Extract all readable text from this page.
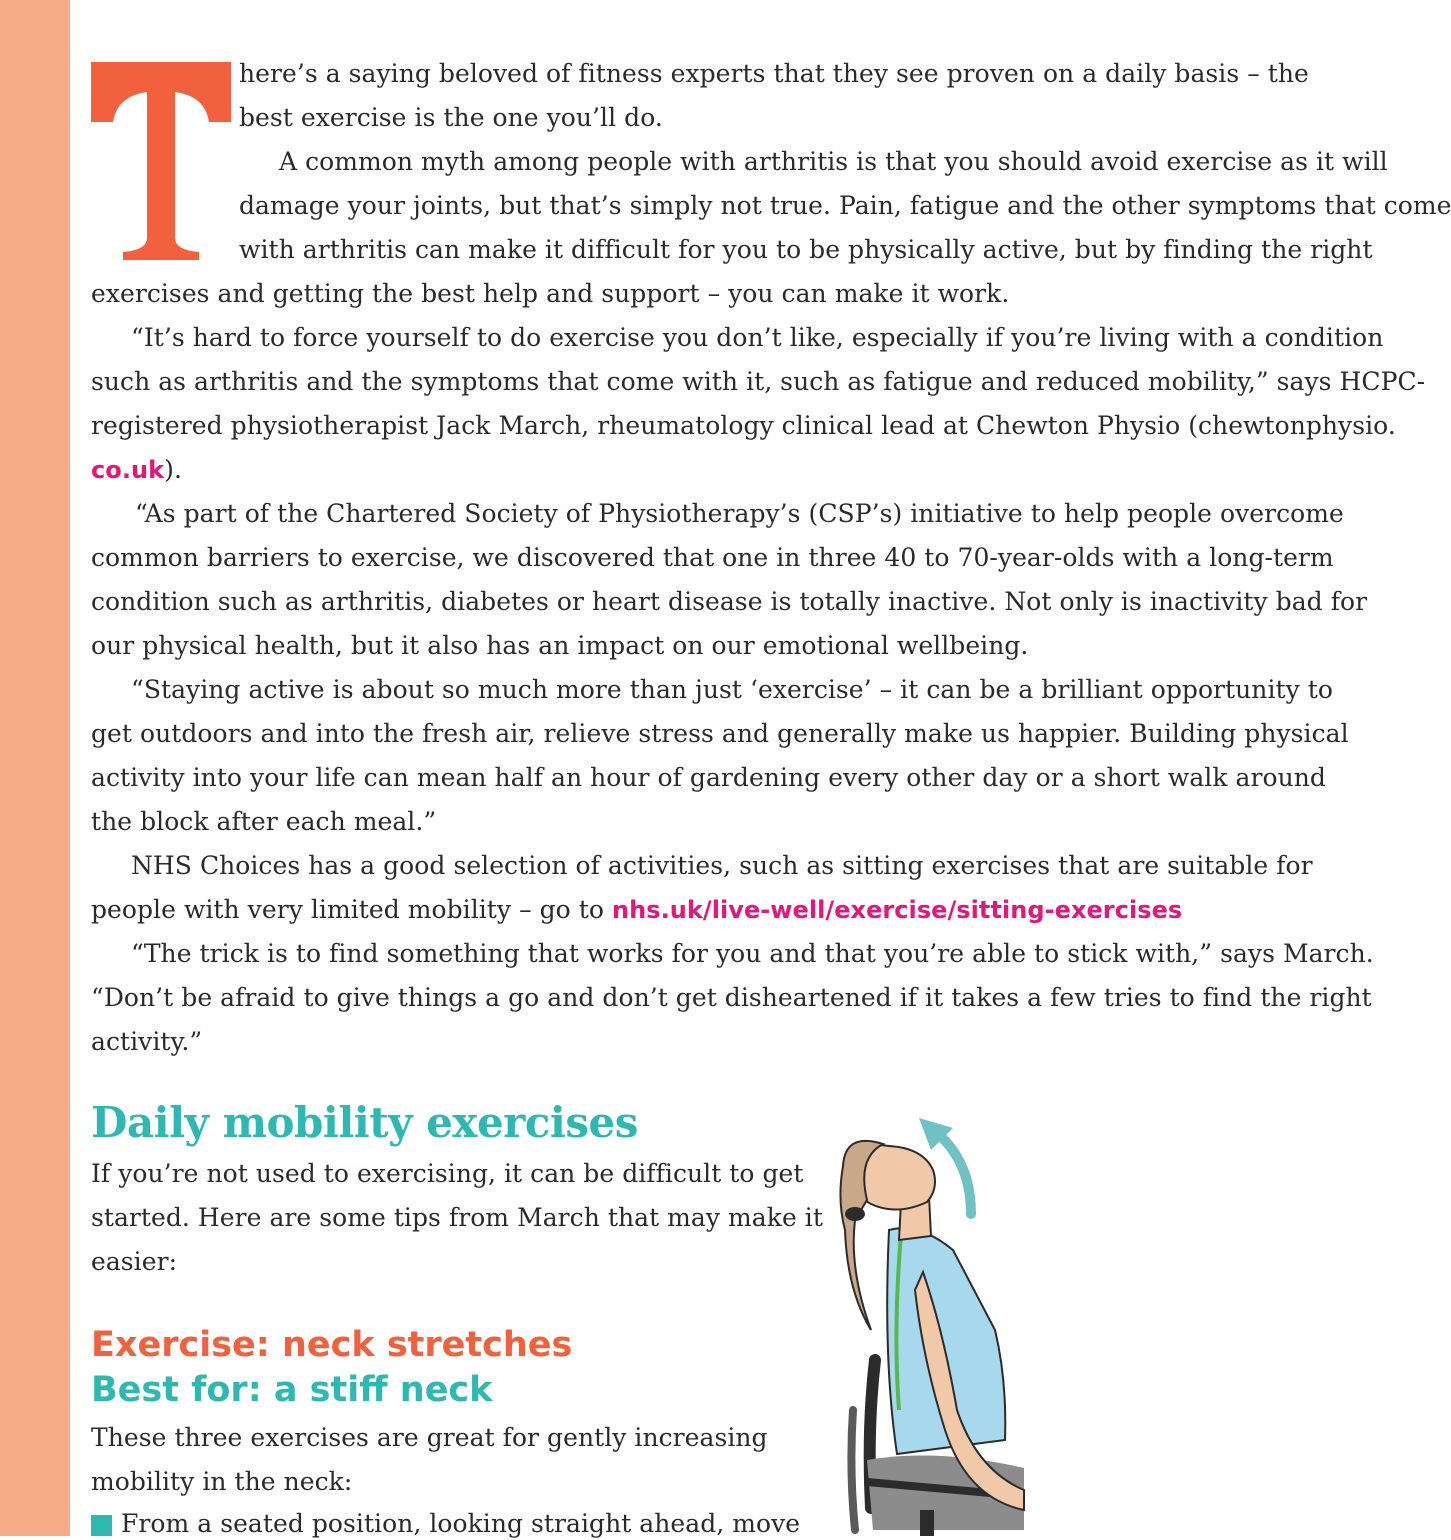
here’s a saying beloved of fitness experts that they see proven on a daily basis – the
best exercise is the one you’ll do.
A common myth among people with arthritis is that you should avoid exercise as it will
damage your joints, but that’s simply not true. Pain, fatigue and the other symptoms that come
with arthritis can make it difficult for you to be physically active, but by finding the right
exercises and getting the best help and support – you can make it work.
“It’s hard to force yourself to do exercise you don’t like, especially if you’re living with a condition
such as arthritis and the symptoms that come with it, such as fatigue and reduced mobility,” says HCPC-
registered physiotherapist Jack March, rheumatology clinical lead at Chewton Physio (chewtonphysio.
co.uk).
“As part of the Chartered Society of Physiotherapy’s (CSP’s) initiative to help people overcome
common barriers to exercise, we discovered that one in three 40 to 70-year-olds with a long-term
condition such as arthritis, diabetes or heart disease is totally inactive. Not only is inactivity bad for
our physical health, but it also has an impact on our emotional wellbeing.
“Staying active is about so much more than just ‘exercise’ – it can be a brilliant opportunity to
get outdoors and into the fresh air, relieve stress and generally make us happier. Building physical
activity into your life can mean half an hour of gardening every other day or a short walk around
the block after each meal.”
NHS Choices has a good selection of activities, such as sitting exercises that are suitable for
people with very limited mobility – go to nhs.uk/live-well/exercise/sitting-exercises
“The trick is to find something that works for you and that you’re able to stick with,” says March.
“Don’t be afraid to give things a go and don’t get disheartened if it takes a few tries to find the right
activity.”
If you’re not used to exercising, it can be difficult to get
started. Here are some tips from March that may make it
easier:
These three exercises are great for gently increasing
mobility in the neck:
From a seated position, looking straight ahead, move
Daily mobility exercises
Exercise: neck stretches
Best for: a stiff neck
